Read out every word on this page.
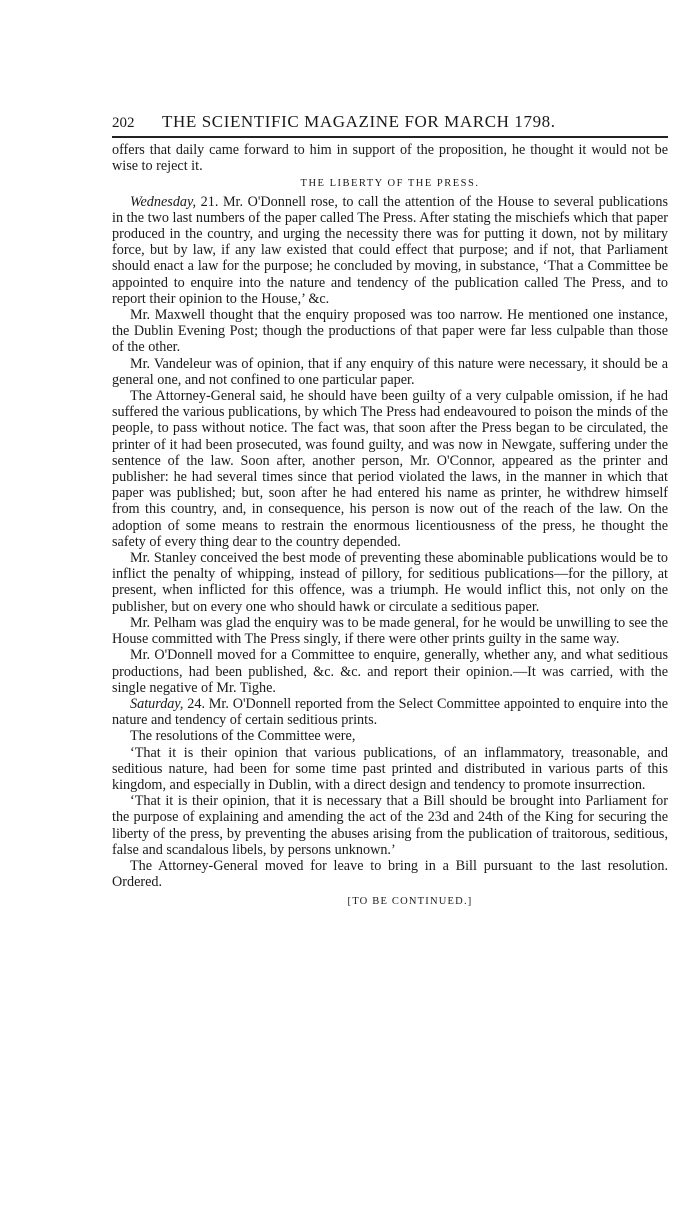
202	THE SCIENTIFIC MAGAZINE FOR MARCH 1798.

offers that daily came forward to him in support of the proposition, he thought it would not be wise to reject it.

THE LIBERTY OF THE PRESS.

Wednesday, 21. Mr. O'Donnell rose, to call the attention of the House to several publications in the two last numbers of the paper called The Press. After stating the mischiefs which that paper produced in the country, and urging the necessity there was for putting it down, not by military force, but by law, if any law existed that could effect that purpose; and if not, that Parliament should enact a law for the purpose; he concluded by moving, in substance, ‘That a Committee be appointed to enquire into the nature and tendency of the publication called The Press, and to report their opinion to the House,’ &c.

Mr. Maxwell thought that the enquiry proposed was too narrow. He mentioned one instance, the Dublin Evening Post; though the productions of that paper were far less culpable than those of the other.

Mr. Vandeleur was of opinion, that if any enquiry of this nature were necessary, it should be a general one, and not confined to one particular paper.

The Attorney-General said, he should have been guilty of a very culpable omission, if he had suffered the various publications, by which The Press had endeavoured to poison the minds of the people, to pass without notice. The fact was, that soon after the Press began to be circulated, the printer of it had been prosecuted, was found guilty, and was now in Newgate, suffering under the sentence of the law. Soon after, another person, Mr. O'Connor, appeared as the printer and publisher: he had several times since that period violated the laws, in the manner in which that paper was published; but, soon after he had entered his name as printer, he withdrew himself from this country, and, in consequence, his person is now out of the reach of the law. On the adoption of some means to restrain the enormous licentiousness of the press, he thought the safety of every thing dear to the country depended.

Mr. Stanley conceived the best mode of preventing these abominable publications would be to inflict the penalty of whipping, instead of pillory, for seditious publications—for the pillory, at present, when inflicted for this offence, was a triumph. He would inflict this, not only on the publisher, but on every one who should hawk or circulate a seditious paper.

Mr. Pelham was glad the enquiry was to be made general, for he would be unwilling to see the House committed with The Press singly, if there were other prints guilty in the same way.

Mr. O'Donnell moved for a Committee to enquire, generally, whether any, and what seditious productions, had been published, &c. &c. and report their opinion.—It was carried, with the single negative of Mr. Tighe.

Saturday, 24. Mr. O'Donnell reported from the Select Committee appointed to enquire into the nature and tendency of certain seditious prints.

The resolutions of the Committee were,

‘That it is their opinion that various publications, of an inflammatory, treasonable, and seditious nature, had been for some time past printed and distributed in various parts of this kingdom, and especially in Dublin, with a direct design and tendency to promote insurrection.

‘That it is their opinion, that it is necessary that a Bill should be brought into Parliament for the purpose of explaining and amending the act of the 23d and 24th of the King for securing the liberty of the press, by preventing the abuses arising from the publication of traitorous, seditious, false and scandalous libels, by persons unknown.’

The Attorney-General moved for leave to bring in a Bill pursuant to the last resolution. Ordered.

[TO BE CONTINUED.]
